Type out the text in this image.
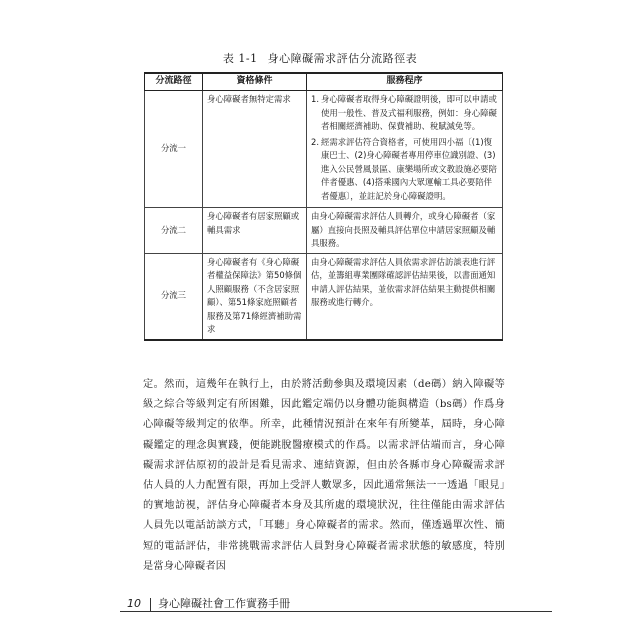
表 1-1 身心障礙需求評估分流路徑表
分流路徑	資格條件	服務程序
分流一	身心障礙者無特定需求	1. 身心障礙者取得身心障礙證明後，即可以申請或使用一般性、普及式福利服務，例如：身心障礙者相關經濟補助、保費補助、稅賦減免等。
2. 經需求評估符合資格者，可使用四小福〔(1)復康巴士、(2)身心障礙者專用停車位識別證、(3)進入公民營風景區、康樂場所或文教設施必要陪伴者優惠、(4)搭乘國內大眾運輸工具必要陪伴者優惠〕，並註記於身心障礙證明。

分流二	身心障礙者有居家照顧或輔具需求	由身心障礙需求評估人員轉介，或身心障礙者（家屬）直接向長照及輔具評估單位申請居家照顧及輔具服務。
分流三	身心障礙者有《身心障礙者權益保障法》第50條個人照顧服務（不含居家照顧）、第51條家庭照顧者服務及第71條經濟補助需求	由身心障礙需求評估人員依需求評估訪談表進行評估，並籌組專業團隊確認評估結果後，以書面通知申請人評估結果，並依需求評估結果主動提供相關服務或進行轉介。
定。然而，這幾年在執行上，由於將活動參與及環境因素（de碼）納入障礙等級之綜合等級判定有所困難，因此鑑定端仍以身體功能與構造（bs碼）作爲身心障礙等級判定的依準。所幸，此種情況預計在來年有所變革，屆時，身心障礙鑑定的理念與實踐，便能跳脫醫療模式的作爲。以需求評估端而言，身心障礙需求評估原初的設計是看見需求、連結資源，但由於各縣市身心障礙需求評估人員的人力配置有限，再加上受評人數眾多，因此通常無法一一透過「眼見」的實地訪視，評估身心障礙者本身及其所處的環境狀況，往往僅能由需求評估人員先以電話訪談方式，「耳聽」身心障礙者的需求。然而，僅透過單次性、簡短的電話評估，非常挑戰需求評估人員對身心障礙者需求狀態的敏感度，特別是當身心障礙者因
10	身心障礙社會工作實務手冊
